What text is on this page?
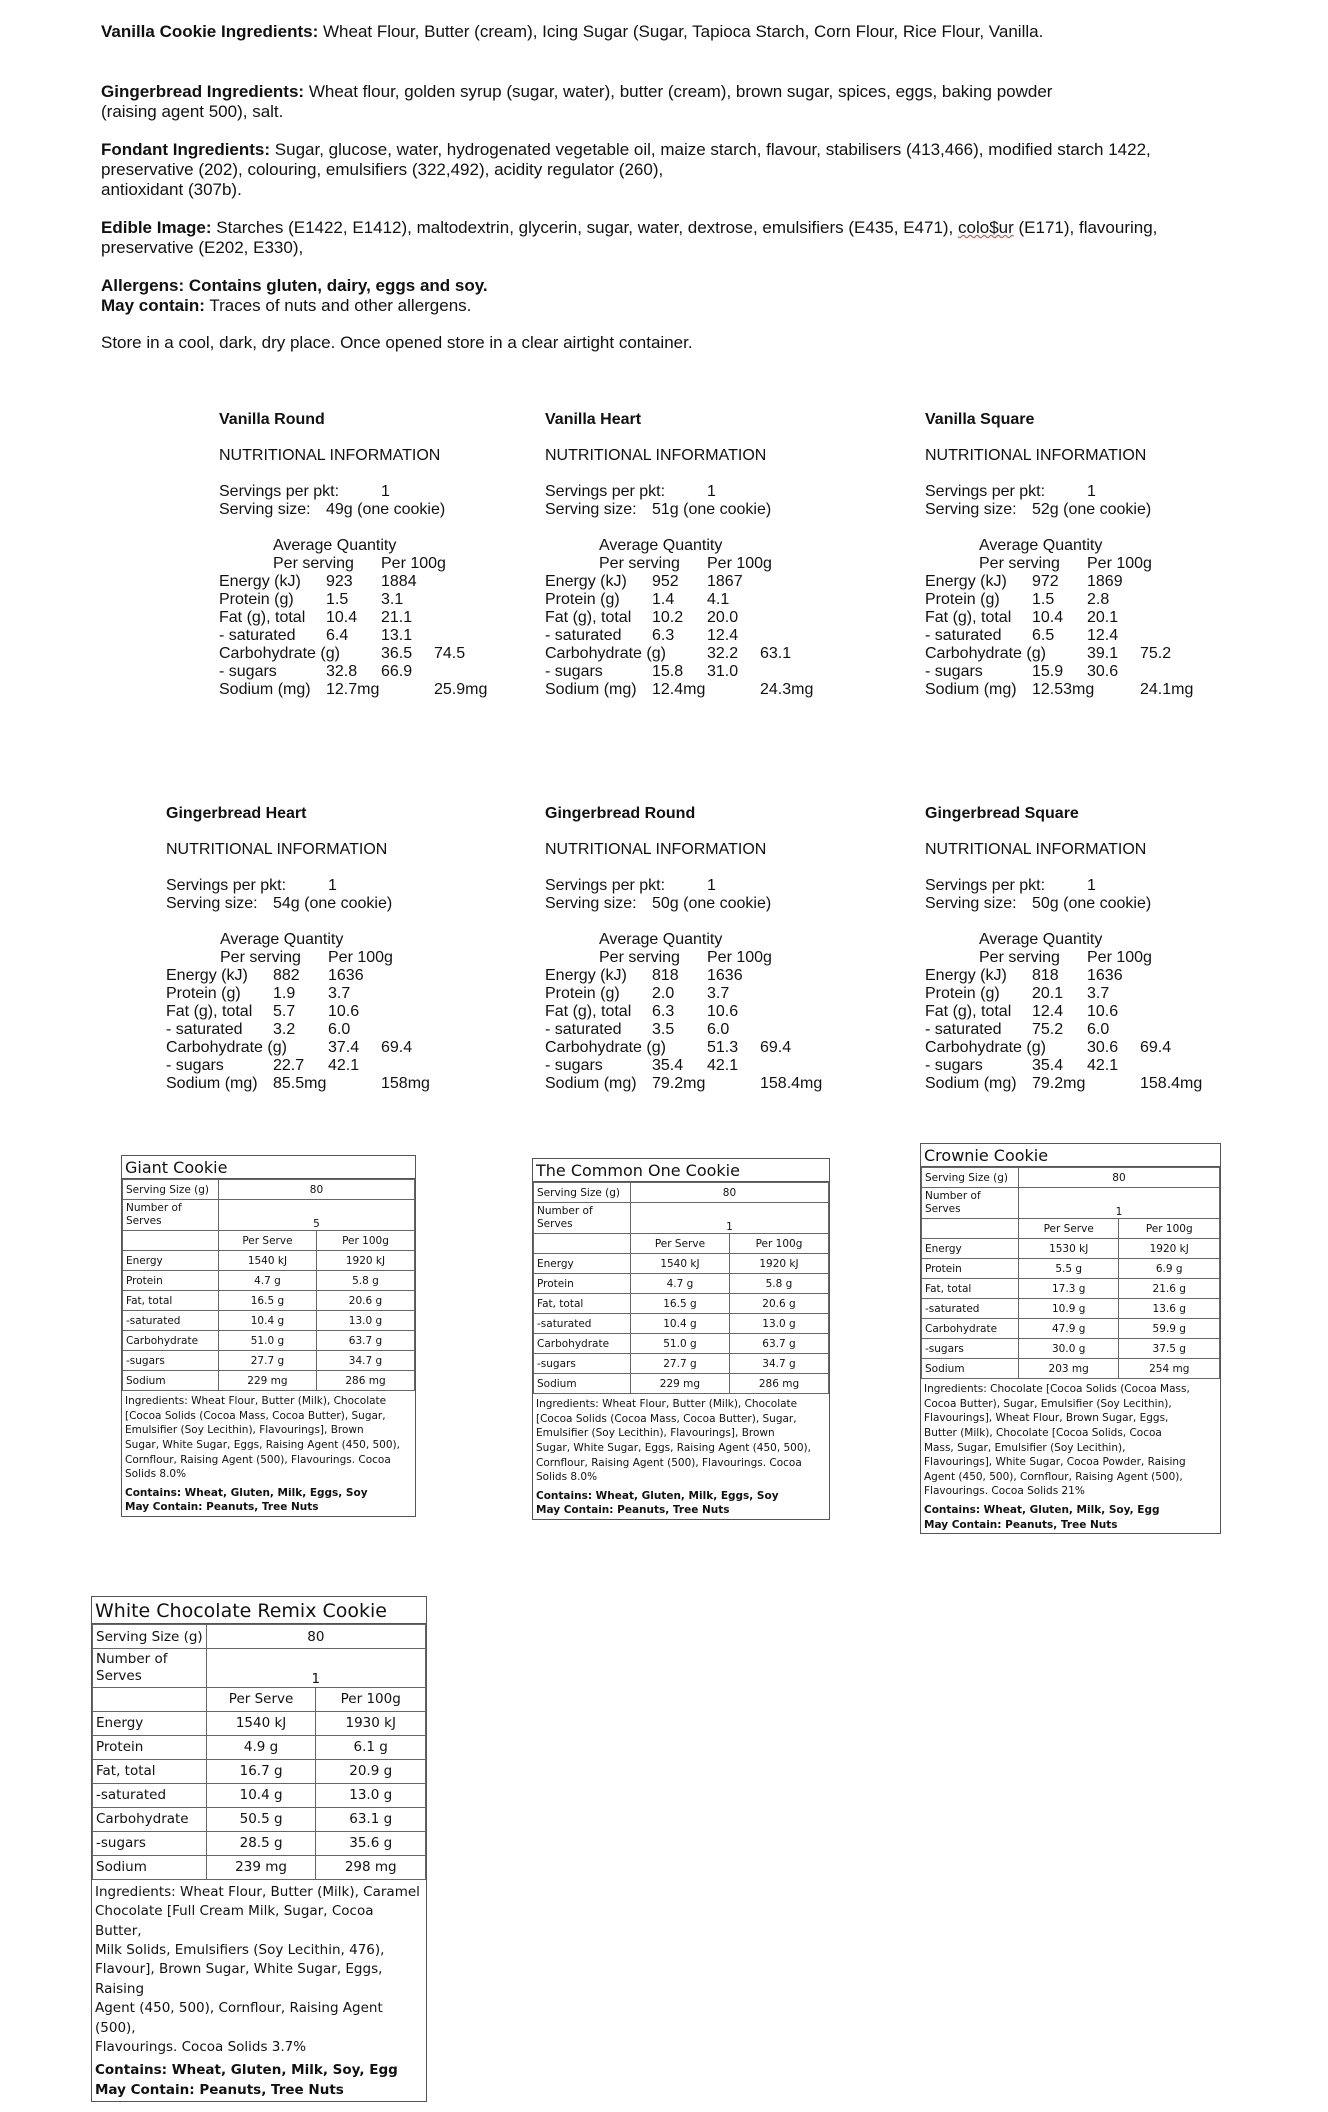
Vanilla Cookie Ingredients: Wheat Flour, Butter (cream), Icing Sugar (Sugar, Tapioca Starch, Corn Flour, Rice Flour, Vanilla.

Gingerbread Ingredients: Wheat flour, golden syrup (sugar, water), butter (cream), brown sugar, spices, eggs, baking powder
(raising agent 500), salt.

Fondant Ingredients: Sugar, glucose, water, hydrogenated vegetable oil, maize starch, flavour, stabilisers (413,466), modified starch 1422,
preservative (202), colouring, emulsifiers (322,492), acidity regulator (260),
antioxidant (307b).

Edible Image: Starches (E1422, E1412), maltodextrin, glycerin, sugar, water, dextrose, emulsifiers (E435, E471), colo$ur (E171), flavouring,
preservative (E202, E330),

Allergens: Contains gluten, dairy, eggs and soy.
May contain: Traces of nuts and other allergens.

Store in a cool, dark, dry place. Once opened store in a clear airtight container.

Vanilla Round
NUTRITIONAL INFORMATION
Servings per pkt:	1
Serving size: 49g (one cookie)
Average Quantity
Per serving Per 100g
Energy (kJ) 923 1884
Protein (g) 1.5 3.1
Fat (g), total 10.4 21.1
- saturated 6.4 13.1
Carbohydrate (g)	36.5 74.5
- sugars	32.8 66.9
Sodium (mg) 12.7mg	25.9mg
Vanilla Heart
NUTRITIONAL INFORMATION
Servings per pkt:	1
Serving size: 51g (one cookie)
Average Quantity
Per serving Per 100g
Energy (kJ) 952 1867
Protein (g) 1.4 4.1
Fat (g), total 10.2 20.0
- saturated 6.3 12.4
Carbohydrate (g)	32.2 63.1
- sugars	15.8 31.0
Sodium (mg) 12.4mg	24.3mg
Vanilla Square
NUTRITIONAL INFORMATION
Servings per pkt:	1
Serving size: 52g (one cookie)
Average Quantity
Per serving Per 100g
Energy (kJ) 972 1869
Protein (g) 1.5 2.8
Fat (g), total 10.4 20.1
- saturated 6.5 12.4
Carbohydrate (g)	39.1 75.2
- sugars	15.9 30.6
Sodium (mg) 12.53mg	24.1mg
Gingerbread Heart
NUTRITIONAL INFORMATION
Servings per pkt:	1
Serving size: 54g (one cookie)
Average Quantity
Per serving Per 100g
Energy (kJ) 882 1636
Protein (g) 1.9 3.7
Fat (g), total 5.7 10.6
- saturated 3.2 6.0
Carbohydrate (g)	37.4 69.4
- sugars	22.7 42.1
Sodium (mg) 85.5mg	158mg
Gingerbread Round
NUTRITIONAL INFORMATION
Servings per pkt:	1
Serving size: 50g (one cookie)
Average Quantity
Per serving Per 100g
Energy (kJ) 818 1636
Protein (g) 2.0 3.7
Fat (g), total 6.3 10.6
- saturated 3.5 6.0
Carbohydrate (g)	51.3 69.4
- sugars	35.4 42.1
Sodium (mg) 79.2mg	158.4mg
Gingerbread Square
NUTRITIONAL INFORMATION
Servings per pkt:	1
Serving size: 50g (one cookie)
Average Quantity
Per serving Per 100g
Energy (kJ) 818 1636
Protein (g) 20.1 3.7
Fat (g), total 12.4 10.6
- saturated 75.2 6.0
Carbohydrate (g)	30.6 69.4
- sugars	35.4 42.1
Sodium (mg) 79.2mg	158.4mg
Giant Cookie
Serving Size (g)	80	
Number of
Serves	5	
	Per Serve	Per 100g
Energy	1540 kJ	1920 kJ
Protein	4.7 g	5.8 g
Fat, total	16.5 g	20.6 g
-saturated	10.4 g	13.0 g
Carbohydrate	51.0 g	63.7 g
-sugars	27.7 g	34.7 g
Sodium	229 mg	286 mg
Ingredients: Wheat Flour, Butter (Milk), Chocolate
[Cocoa Solids (Cocoa Mass, Cocoa Butter), Sugar,
Emulsifier (Soy Lecithin), Flavourings], Brown
Sugar, White Sugar, Eggs, Raising Agent (450, 500),
Cornflour, Raising Agent (500), Flavourings. Cocoa
Solids 8.0%

Contains: Wheat, Gluten, Milk, Eggs, Soy
May Contain: Peanuts, Tree Nuts
The Common One Cookie
Serving Size (g)	80	
Number of
Serves	1	
	Per Serve	Per 100g
Energy	1540 kJ	1920 kJ
Protein	4.7 g	5.8 g
Fat, total	16.5 g	20.6 g
-saturated	10.4 g	13.0 g
Carbohydrate	51.0 g	63.7 g
-sugars	27.7 g	34.7 g
Sodium	229 mg	286 mg
Ingredients: Wheat Flour, Butter (Milk), Chocolate
[Cocoa Solids (Cocoa Mass, Cocoa Butter), Sugar,
Emulsifier (Soy Lecithin), Flavourings], Brown
Sugar, White Sugar, Eggs, Raising Agent (450, 500),
Cornflour, Raising Agent (500), Flavourings. Cocoa
Solids 8.0%

Contains: Wheat, Gluten, Milk, Eggs, Soy
May Contain: Peanuts, Tree Nuts
Crownie Cookie
Serving Size (g)	80	
Number of
Serves	1	
	Per Serve	Per 100g
Energy	1530 kJ	1920 kJ
Protein	5.5 g	6.9 g
Fat, total	17.3 g	21.6 g
-saturated	10.9 g	13.6 g
Carbohydrate	47.9 g	59.9 g
-sugars	30.0 g	37.5 g
Sodium	203 mg	254 mg
Ingredients: Chocolate [Cocoa Solids (Cocoa Mass,
Cocoa Butter), Sugar, Emulsifier (Soy Lecithin),
Flavourings], Wheat Flour, Brown Sugar, Eggs,
Butter (Milk), Chocolate [Cocoa Solids, Cocoa
Mass, Sugar, Emulsifier (Soy Lecithin),
Flavourings], White Sugar, Cocoa Powder, Raising
Agent (450, 500), Cornflour, Raising Agent (500),
Flavourings. Cocoa Solids 21%

Contains: Wheat, Gluten, Milk, Soy, Egg
May Contain: Peanuts, Tree Nuts
White Chocolate Remix Cookie
Serving Size (g)	80	
Number of
Serves	1	
	Per Serve	Per 100g
Energy	1540 kJ	1930 kJ
Protein	4.9 g	6.1 g
Fat, total	16.7 g	20.9 g
-saturated	10.4 g	13.0 g
Carbohydrate	50.5 g	63.1 g
-sugars	28.5 g	35.6 g
Sodium	239 mg	298 mg
Ingredients: Wheat Flour, Butter (Milk), Caramel
Chocolate [Full Cream Milk, Sugar, Cocoa Butter,
Milk Solids, Emulsifiers (Soy Lecithin, 476),
Flavour], Brown Sugar, White Sugar, Eggs, Raising
Agent (450, 500), Cornflour, Raising Agent (500),
Flavourings. Cocoa Solids 3.7%

Contains: Wheat, Gluten, Milk, Soy, Egg
May Contain: Peanuts, Tree Nuts
